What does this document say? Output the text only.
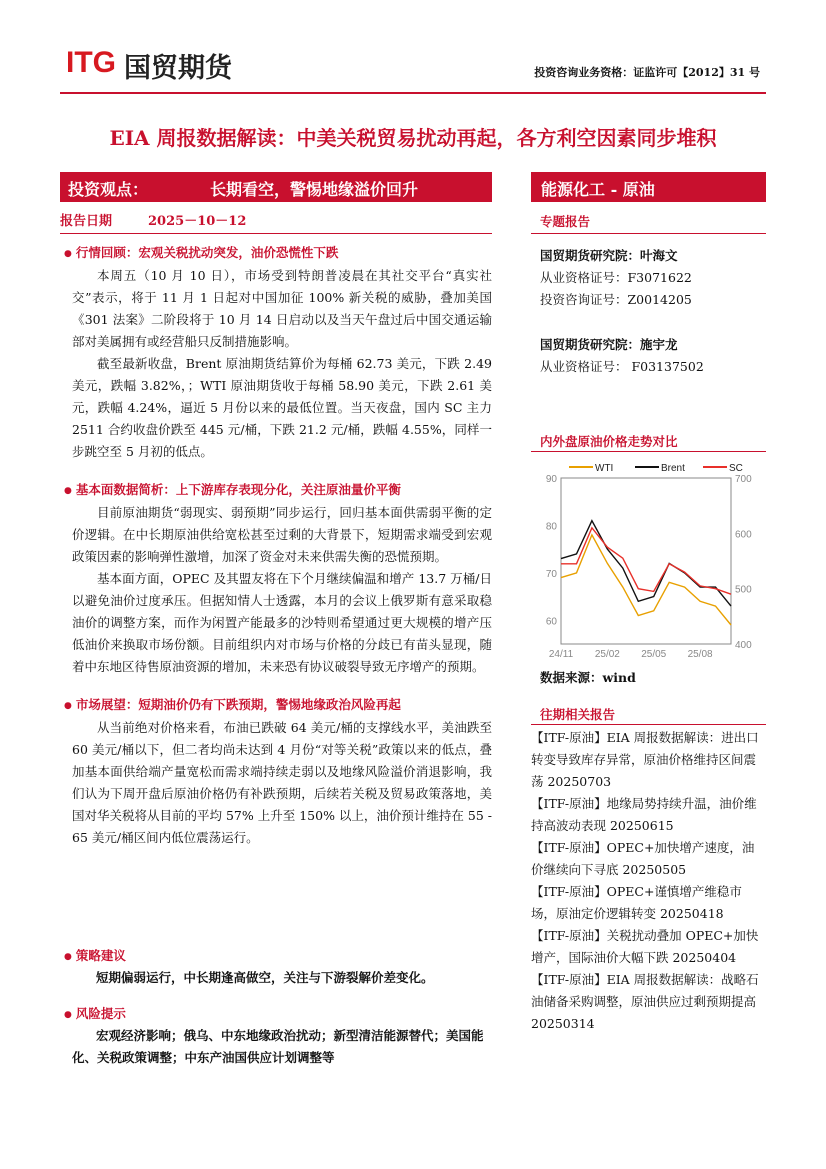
ITG 国贸期货	投资咨询业务资格：证监许可【2012】31 号
EIA 周报数据解读：中美关税贸易扰动再起，各方利空因素同步堆积
投资观点：	长期看空，警惕地缘溢价回升	能源化工 - 原油
报告日期	2025－10－12
● 行情回顾：宏观关税扰动突发，油价恐慌性下跌

本周五（10 月 10 日），市场受到特朗普凌晨在其社交平台“真实社交”表示，将于 11 月 1 日起对中国加征 100% 新关税的威胁，叠加美国《301 法案》二阶段将于 10 月 14 日启动以及当天午盘过后中国交通运输部对美属拥有或经营船只反制措施影响。

截至最新收盘，Brent 原油期货结算价为每桶 62.73 美元，下跌 2.49 美元，跌幅 3.82%，；WTI 原油期货收于每桶 58.90 美元，下跌 2.61 美元，跌幅 4.24%，逼近 5 月份以来的最低位置。当天夜盘，国内 SC 主力 2511 合约收盘价跌至 445 元/桶，下跌 21.2 元/桶，跌幅 4.55%，同样一步跳空至 5 月初的低点。

● 基本面数据简析：上下游库存表现分化，关注原油量价平衡

目前原油期货“弱现实、弱预期”同步运行，回归基本面供需弱平衡的定价逻辑。在中长期原油供给宽松甚至过剩的大背景下，短期需求端受到宏观政策因素的影响弹性激增，加深了资金对未来供需失衡的恐慌预期。

基本面方面，OPEC 及其盟友将在下个月继续偏温和增产 13.7 万桶/日以避免油价过度承压。但据知情人士透露，本月的会议上俄罗斯有意采取稳油价的调整方案，而作为闲置产能最多的沙特则希望通过更大规模的增产压低油价来换取市场份额。目前组织内对市场与价格的分歧已有苗头显现，随着中东地区待售原油资源的增加，未来恐有协议破裂导致无序增产的预期。

● 市场展望：短期油价仍有下跌预期，警惕地缘政治风险再起

从当前绝对价格来看，布油已跌破 64 美元/桶的支撑线水平，美油跌至 60 美元/桶以下，但二者均尚未达到 4 月份“对等关税”政策以来的低点，叠加基本面供给端产量宽松而需求端持续走弱以及地缘风险溢价消退影响，我们认为下周开盘后原油价格仍有补跌预期，后续若关税及贸易政策落地，美国对华关税将从目前的平均 57% 上升至 150% 以上，油价预计维持在 55 - 65 美元/桶区间内低位震荡运行。

● 策略建议
短期偏弱运行，中长期逢高做空，关注与下游裂解价差变化。
● 风险提示
宏观经济影响；俄乌、中东地缘政治扰动；新型清洁能源替代；美国能化、关税政策调整；中东产油国供应计划调整等
专题报告
国贸期货研究院：叶海文
从业资格证号：F3071622
投资咨询证号：Z0014205
国贸期货研究院：施宇龙
从业资格证号： F03137502
内外盘原油价格走势对比
60
70
80
90
400
500
600
700
24/11 25/02 25/05 25/08
WTI	Brent	SC
数据来源：wind
往期相关报告
【ITF-原油】EIA 周报数据解读：进出口转变导致库存异常，原油价格维持区间震荡 20250703
【ITF-原油】地缘局势持续升温，油价维持高波动表现 20250615
【ITF-原油】OPEC+加快增产速度，油价继续向下寻底 20250505
【ITF-原油】OPEC+谨慎增产维稳市场，原油定价逻辑转变 20250418
【ITF-原油】关税扰动叠加 OPEC+加快增产，国际油价大幅下跌 20250404
【ITF-原油】EIA 周报数据解读：战略石油储备采购调整，原油供应过剩预期提高 20250314
